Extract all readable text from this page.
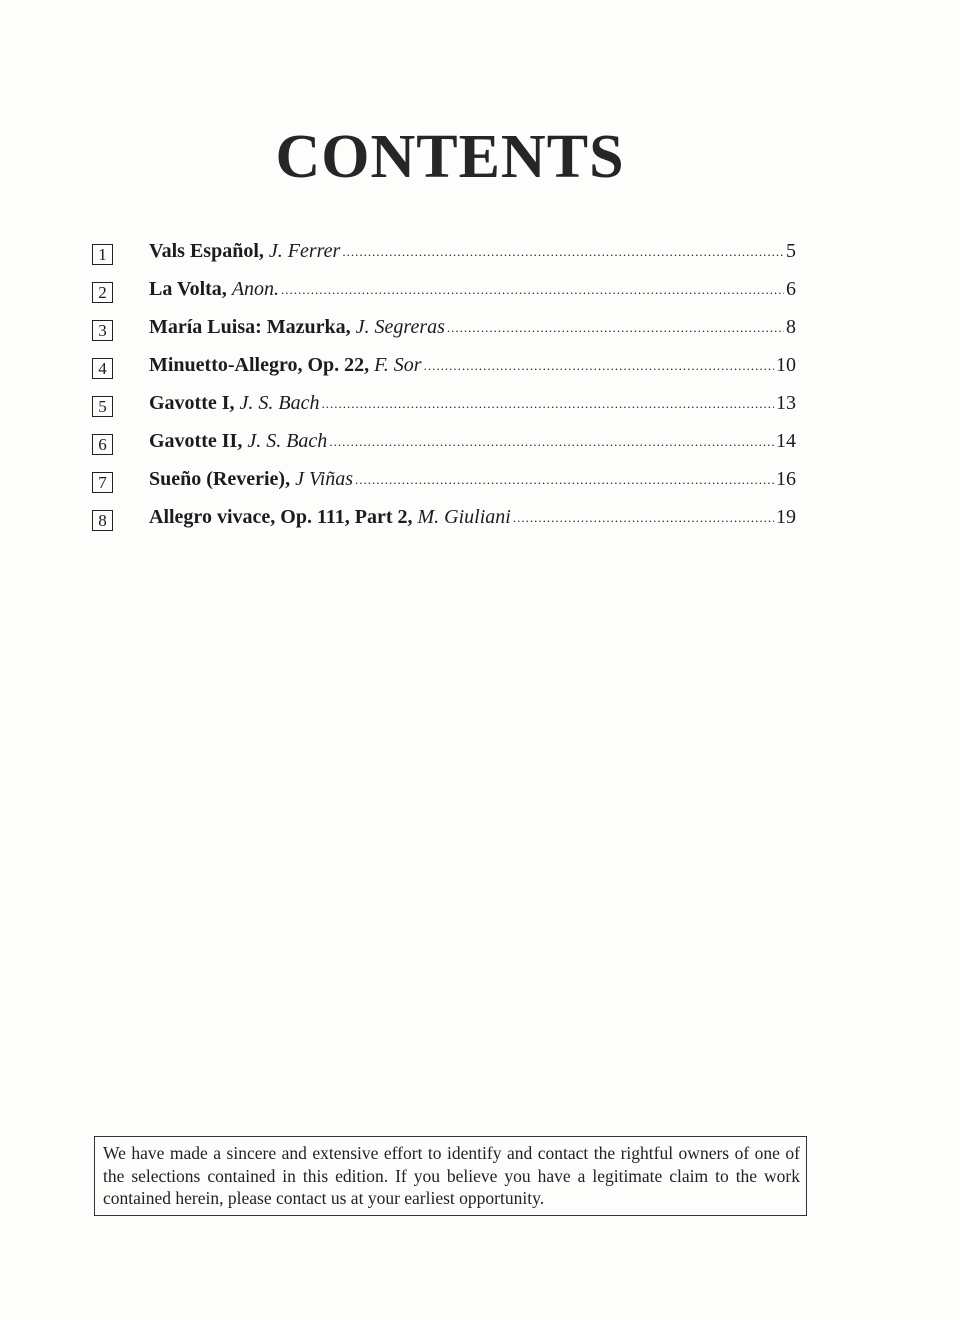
CONTENTS
1	Vals Español, J. Ferrer .....	5
2	La Volta, Anon. .....	6
3	María Luisa: Mazurka, J. Segreras .....	8
4	Minuetto-Allegro, Op. 22, F. Sor .....	10
5	Gavotte I, J. S. Bach .....	13
6	Gavotte II, J. S. Bach .....	14
7	Sueño (Reverie), J Viñas .....	16
8	Allegro vivace, Op. 111, Part 2, M. Giuliani .....	19
We have made a sincere and extensive effort to identify and contact the rightful owners of one of the selections contained in this edition. If you believe you have a legitimate claim to the work contained herein, please contact us at your earliest opportunity.
